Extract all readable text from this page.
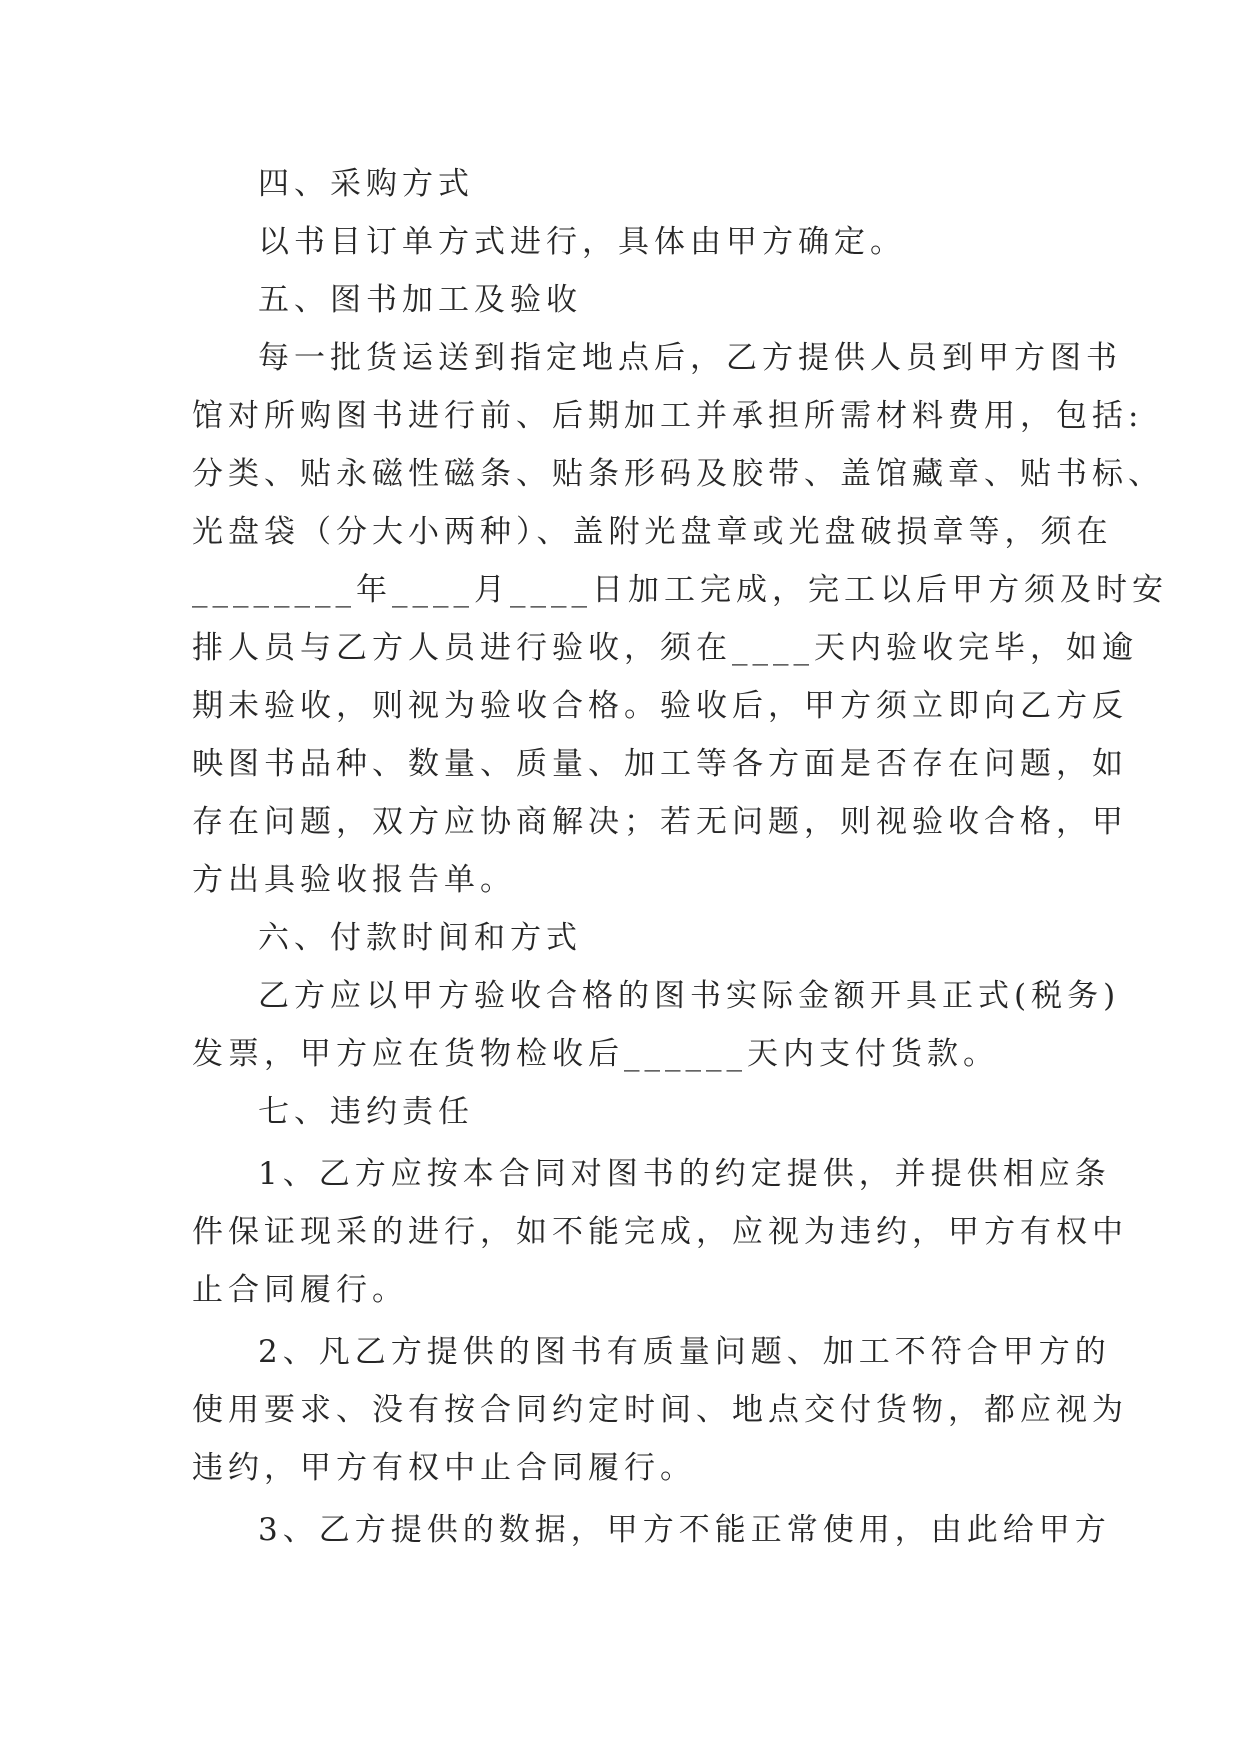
四、采购方式
以书目订单方式进行，具体由甲方确定。
五、图书加工及验收
每一批货运送到指定地点后，乙方提供人员到甲方图书
馆对所购图书进行前、后期加工并承担所需材料费用，包括:
分类、贴永磁性磁条、贴条形码及胶带、盖馆藏章、贴书标、
光盘袋（分大小两种）、盖附光盘章或光盘破损章等，须在
________年____月____日加工完成，完工以后甲方须及时安
排人员与乙方人员进行验收，须在____天内验收完毕，如逾
期未验收，则视为验收合格。验收后，甲方须立即向乙方反
映图书品种、数量、质量、加工等各方面是否存在问题，如
存在问题，双方应协商解决；若无问题，则视验收合格，甲
方出具验收报告单。
六、付款时间和方式
乙方应以甲方验收合格的图书实际金额开具正式(税务)
发票，甲方应在货物检收后______天内支付货款。
七、违约责任
1、乙方应按本合同对图书的约定提供，并提供相应条
件保证现采的进行，如不能完成，应视为违约，甲方有权中
止合同履行。
2、凡乙方提供的图书有质量问题、加工不符合甲方的
使用要求、没有按合同约定时间、地点交付货物，都应视为
违约，甲方有权中止合同履行。
3、乙方提供的数据，甲方不能正常使用，由此给甲方
